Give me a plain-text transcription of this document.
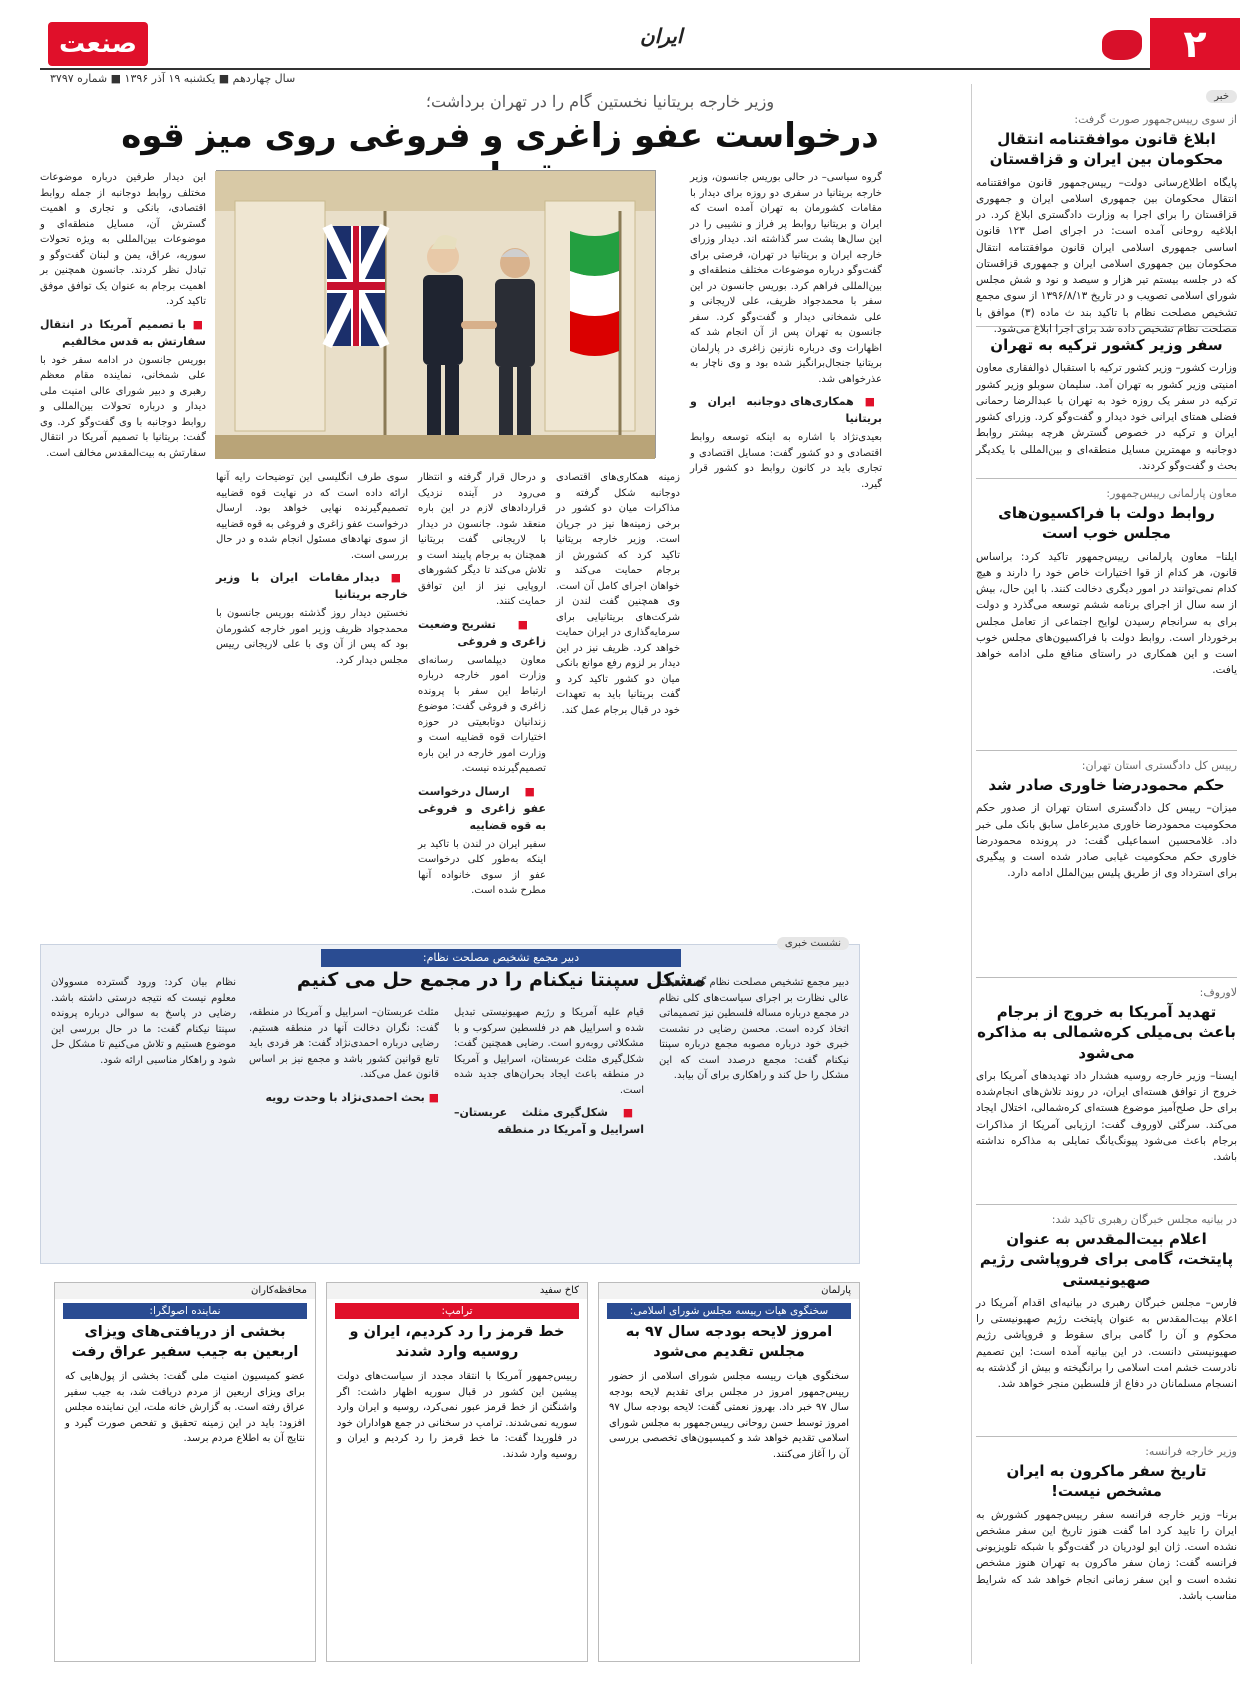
۲
ایران
صنعت
سال چهاردهم ■ یکشنبه ۱۹ آذر ۱۳۹۶ ■ شماره ۳۷۹۷
خبر
از سوی رییس‌جمهور صورت گرفت:
ابلاغ قانون موافقتنامه انتقال محکومان بین ایران و قزاقستان
پایگاه اطلاع‌رسانی دولت– رییس‌جمهور قانون موافقتنامه انتقال محکومان بین جمهوری اسلامی ایران و جمهوری قزاقستان را برای اجرا به وزارت دادگستری ابلاغ کرد. در ابلاغیه روحانی آمده است: در اجرای اصل ۱۲۳ قانون اساسی جمهوری اسلامی ایران قانون موافقتنامه انتقال محکومان بین جمهوری اسلامی ایران و جمهوری قزاقستان که در جلسه بیستم تیر هزار و سیصد و نود و شش مجلس شورای اسلامی تصویب و در تاریخ ۱۳۹۶/۸/۱۳ از سوی مجمع تشخیص مصلحت نظام با تاکید بند ث ماده (۳) موافق با مصلحت نظام تشخیص داده شد برای اجرا ابلاغ می‌شود.
سفر وزیر کشور ترکیه به تهران
وزارت کشور– وزیر کشور ترکیه با استقبال ذوالفقاری معاون امنیتی وزیر کشور به تهران آمد. سلیمان سوبلو وزیر کشور ترکیه در سفر یک روزه خود به تهران با عبدالرضا رحمانی فضلی همتای ایرانی خود دیدار و گفت‌وگو کرد. وزرای کشور ایران و ترکیه در خصوص گسترش هرچه بیشتر روابط دوجانبه و مهمترین مسایل منطقه‌ای و بین‌المللی با یکدیگر بحث و گفت‌وگو کردند.
معاون پارلمانی رییس‌جمهور:
روابط دولت با فراکسیون‌های مجلس خوب است
ایلنا– معاون پارلمانی رییس‌جمهور تاکید کرد: براساس قانون، هر کدام از قوا اختیارات خاص خود را دارند و هیچ کدام نمی‌توانند در امور دیگری دخالت کنند. با این حال، بیش از سه سال از اجرای برنامه ششم توسعه می‌گذرد و دولت برای به سرانجام رسیدن لوایح اجتماعی از تعامل مجلس برخوردار است. روابط دولت با فراکسیون‌های مجلس خوب است و این همکاری در راستای منافع ملی ادامه خواهد یافت.
رییس کل دادگستری استان تهران:
حکم محمودرضا خاوری صادر شد
میزان– رییس کل دادگستری استان تهران از صدور حکم محکومیت محمودرضا خاوری مدیرعامل سابق بانک ملی خبر داد. غلامحسین اسماعیلی گفت: در پرونده محمودرضا خاوری حکم محکومیت غیابی صادر شده است و پیگیری برای استرداد وی از طریق پلیس بین‌الملل ادامه دارد.
لاوروف:
تهدید آمریکا به خروج از برجام باعث بی‌میلی کره‌شمالی به مذاکره می‌شود
ایسنا– وزیر خارجه روسیه هشدار داد تهدیدهای آمریکا برای خروج از توافق هسته‌ای ایران، در روند تلاش‌های انجام‌شده برای حل صلح‌آمیز موضوع هسته‌ای کره‌شمالی، اختلال ایجاد می‌کند. سرگئی لاوروف گفت: ارزیابی آمریکا از مذاکرات برجام باعث می‌شود پیونگ‌یانگ تمایلی به مذاکره نداشته باشد.
در بیانیه مجلس خبرگان رهبری تاکید شد:
اعلام بیت‌المقدس به عنوان پایتخت، گامی برای فروپاشی رژیم صهیونیستی
فارس– مجلس خبرگان رهبری در بیانیه‌ای اقدام آمریکا در اعلام بیت‌المقدس به عنوان پایتخت رژیم صهیونیستی را محکوم و آن را گامی برای سقوط و فروپاشی رژیم صهیونیستی دانست. در این بیانیه آمده است: این تصمیم نادرست خشم امت اسلامی را برانگیخته و بیش از گذشته به انسجام مسلمانان در دفاع از فلسطین منجر خواهد شد.
وزیر خارجه فرانسه:
تاریخ سفر ماکرون به ایران مشخص نیست!
برنا– وزیر خارجه فرانسه سفر رییس‌جمهور کشورش به ایران را تایید کرد اما گفت هنوز تاریخ این سفر مشخص نشده است. ژان ایو لودریان در گفت‌وگو با شبکه تلویزیونی فرانسه گفت: زمان سفر ماکرون به تهران هنوز مشخص نشده است و این سفر زمانی انجام خواهد شد که شرایط مناسب باشد.
وزیر خارجه بریتانیا نخستین گام را در تهران برداشت؛
درخواست عفو زاغری و فروغی روی میز قوه
گروه سیاسی– در حالی بوریس جانسون، وزیر خارجه بریتانیا در سفری دو روزه برای دیدار با مقامات کشورمان به تهران آمده است که ایران و بریتانیا روابط پر فراز و نشیبی را در این سال‌ها پشت سر گذاشته اند. دیدار وزرای خارجه ایران و بریتانیا در تهران، فرصتی برای گفت‌وگو درباره موضوعات مختلف منطقه‌ای و بین‌المللی فراهم کرد. بوریس جانسون در این سفر با محمدجواد ظریف، علی لاریجانی و علی شمخانی دیدار و گفت‌وگو کرد. سفر جانسون به تهران پس از آن انجام شد که اظهارات وی درباره نازنین زاغری در پارلمان بریتانیا جنجال‌برانگیز شده بود و وی ناچار به عذرخواهی شد.
■ همکاری‌های دوجانبه ایران و بریتانیا
بعیدی‌نژاد با اشاره به اینکه توسعه روابط اقتصادی و دو کشور گفت: مسایل اقتصادی و تجاری باید در کانون روابط دو کشور قرار گیرد.
زمینه همکاری‌های اقتصادی دوجانبه شکل گرفته و مذاکرات میان دو کشور در برخی زمینه‌ها نیز در جریان است. وزیر خارجه بریتانیا تاکید کرد که کشورش از برجام حمایت می‌کند و خواهان اجرای کامل آن است. وی همچنین گفت لندن از شرکت‌های بریتانیایی برای سرمایه‌گذاری در ایران حمایت خواهد کرد. ظریف نیز در این دیدار بر لزوم رفع موانع بانکی میان دو کشور تاکید کرد و گفت بریتانیا باید به تعهدات خود در قبال برجام عمل کند.
و درحال قرار گرفته و انتظار می‌رود در آینده نزدیک قراردادهای لازم در این باره منعقد شود. جانسون در دیدار با لاریجانی گفت بریتانیا همچنان به برجام پایبند است و تلاش می‌کند تا دیگر کشورهای اروپایی نیز از این توافق حمایت کنند.
■ تشریح وضعیت زاغری و فروغی
معاون دیپلماسی رسانه‌ای وزارت امور خارجه درباره ارتباط این سفر با پرونده زاغری و فروغی گفت: موضوع زندانیان دوتابعیتی در حوزه اختیارات قوه قضاییه است و وزارت امور خارجه در این باره تصمیم‌گیرنده نیست.
■ ارسال درخواست عفو زاغری و فروغی به قوه قضاییه
سفیر ایران در لندن با تاکید بر اینکه به‌طور کلی درخواست عفو از سوی خانواده آنها مطرح شده است.
سوی طرف انگلیسی این توضیحات رایه آنها ارائه داده است که در نهایت قوه قضاییه تصمیم‌گیرنده نهایی خواهد بود. ارسال درخواست عفو زاغری و فروغی به قوه قضاییه از سوی نهادهای مسئول انجام شده و در حال بررسی است.
■ دیدار مقامات ایران با وزیر خارجه بریتانیا
نخستین دیدار روز گذشته بوریس جانسون با محمدجواد ظریف وزیر امور خارجه کشورمان بود که پس از آن وی با علی لاریجانی رییس مجلس دیدار کرد.
این دیدار طرفین درباره موضوعات مختلف روابط دوجانبه از جمله روابط اقتصادی، بانکی و تجاری و اهمیت گسترش آن، مسایل منطقه‌ای و موضوعات بین‌المللی به ویژه تحولات سوریه، عراق، یمن و لبنان گفت‌وگو و تبادل نظر کردند. جانسون همچنین بر اهمیت برجام به عنوان یک توافق موفق تاکید کرد.
■ با تصمیم آمریکا در انتقال سفارتش به قدس مخالفیم
بوریس جانسون در ادامه سفر خود با علی شمخانی، نماینده مقام معظم رهبری و دبیر شورای عالی امنیت ملی دیدار و درباره تحولات بین‌المللی و روابط دوجانبه با وی گفت‌وگو کرد. وی گفت: بریتانیا با تصمیم آمریکا در انتقال سفارتش به بیت‌المقدس مخالف است.
نشست خبری
دبیر مجمع تشخیص مصلحت نظام:
مشکل سپنتا نیکنام را در مجمع حل می کنیم
دبیر مجمع تشخیص مصلحت نظام گفت: هیات عالی نظارت بر اجرای سیاست‌های کلی نظام در مجمع درباره مساله فلسطین نیز تصمیماتی اتخاذ کرده است. محسن رضایی در نشست خبری خود درباره مصوبه مجمع درباره سپنتا نیکنام گفت: مجمع درصدد است که این مشکل را حل کند و راهکاری برای آن بیابد.
قیام علیه آمریکا و رژیم صهیونیستی تبدیل شده و اسراییل هم در فلسطین سرکوب و با مشکلاتی روبه‌رو است. رضایی همچنین گفت: شکل‌گیری مثلث عربستان، اسراییل و آمریکا در منطقه باعث ایجاد بحران‌های جدید شده است.
■ شکل‌گیری مثلث عربستان– اسراییل و آمریکا در منطقه
مثلث عربستان– اسراییل و آمریکا در منطقه، گفت: نگران دخالت آنها در منطقه هستیم. رضایی درباره احمدی‌نژاد گفت: هر فردی باید تابع قوانین کشور باشد و مجمع نیز بر اساس قانون عمل می‌کند.
■ بحث احمدی‌نژاد با وحدت رویه
نظام بیان کرد: ورود گسترده مسوولان معلوم نیست که نتیجه درستی داشته باشد. رضایی در پاسخ به سوالی درباره پرونده سپنتا نیکنام گفت: ما در حال بررسی این موضوع هستیم و تلاش می‌کنیم تا مشکل حل شود و راهکار مناسبی ارائه شود.
پارلمان
سخنگوی هیات رییسه مجلس شورای اسلامی:
امروز لایحه بودجه سال ۹۷ به مجلس تقدیم می‌شود
سخنگوی هیات رییسه مجلس شورای اسلامی از حضور رییس‌جمهور امروز در مجلس برای تقدیم لایحه بودجه سال ۹۷ خبر داد. بهروز نعمتی گفت: لایحه بودجه سال ۹۷ امروز توسط حسن روحانی رییس‌جمهور به مجلس شورای اسلامی تقدیم خواهد شد و کمیسیون‌های تخصصی بررسی آن را آغاز می‌کنند.
کاخ سفید
ترامپ:
خط قرمز را رد کردیم، ایران و روسیه وارد شدند
رییس‌جمهور آمریکا با انتقاد مجدد از سیاست‌های دولت پیشین این کشور در قبال سوریه اظهار داشت: اگر واشنگتن از خط قرمز عبور نمی‌کرد، روسیه و ایران وارد سوریه نمی‌شدند. ترامپ در سخنانی در جمع هواداران خود در فلوریدا گفت: ما خط قرمز را رد کردیم و ایران و روسیه وارد شدند.
محافظه‌کاران
نماینده اصولگرا:
بخشی از دریافتی‌های ویزای اربعین به جیب سفیر عراق رفت
عضو کمیسیون امنیت ملی گفت: بخشی از پول‌هایی که برای ویزای اربعین از مردم دریافت شد، به جیب سفیر عراق رفته است. به گزارش خانه ملت، این نماینده مجلس افزود: باید در این زمینه تحقیق و تفحص صورت گیرد و نتایج آن به اطلاع مردم برسد.
